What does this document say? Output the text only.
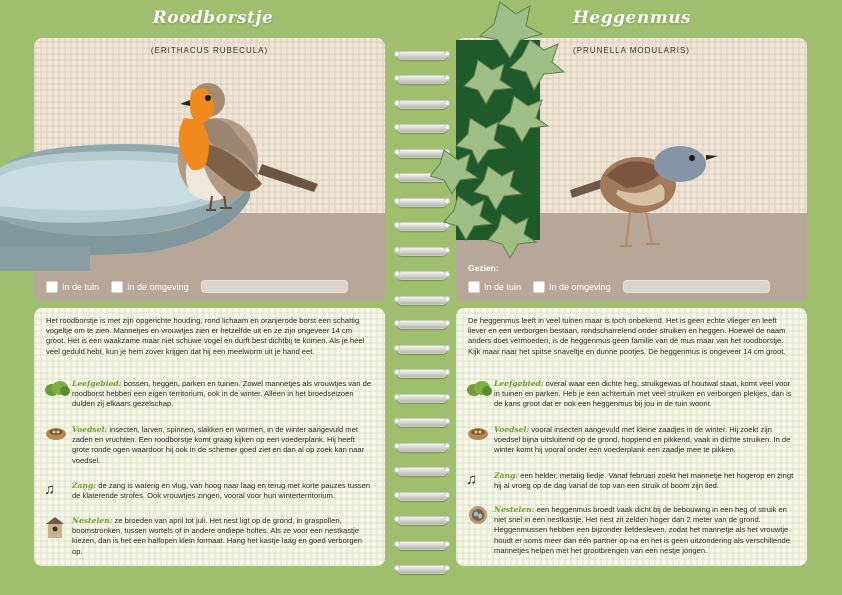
Roodborstje
(ERITHACUS RUBECULA)
In de tuin	In de omgeving
Het roodborstje is met zijn opgerichte houding, rond lichaam en oranjerode borst een schattig vogeltje om te zien. Mannetjes en vrouwtjes zien er hetzelfde uit en ze zijn ongeveer 14 cm groot. Het is een waakzame maar niet schuwe vogel en durft best dichtbij te komen. Als je heel veel geduld hebt, kun je hem zover krijgen dat hij een meelworm uit je hand eet.
Leefgebied: bossen, heggen, parken en tuinen. Zowel mannetjes als vrouwtjes van de roodborst hebben een eigen territorium, ook in de winter. Alleen in het broedseizoen dulden zij elkaars gezelschap.
Voedsel: insecten, larven, spinnen, slakken en wormen, in de winter aangevuld met zaden en vruchten. Een roodborstje komt graag kijken op een voederplank. Hij heeft grote ronde ogen waardoor hij ook in de schemer goed ziet en dan al op zoek kan naar voedsel.
♫	Zang: de zang is waterig en vlug, van hoog naar laag en terug met korte pauzes tussen de klaterende strofes. Ook vrouwtjes zingen, vooral voor hun winterterritorium.
Nestelen: ze broeden van april tot juli. Het nest ligt op de grond, in graspollen, boomstronken, tussen wortels of in andere ondiepe holtes. Als ze voor een nestkastje kiezen, dan is het een halfopen klein formaat. Hang het kastje laag en goed verborgen op.
Heggenmus
(PRUNELLA MODULARIS)
Gezien:
In de tuin	In de omgeving
De heggenmus leeft in veel tuinen maar is toch onbekend. Het is geen echte vlieger en leeft liever en een verborgen bestaan, rondscharrelend onder struiken en heggen. Hoewel de naam anders doet vermoeden, is de heggenmus geen familie van de mus maar van het roodborstje. Kijk maar naar het spitse snaveltje en dunne pootjes. De heggenmus is ongeveer 14 cm groot.
Leefgebied: overal waar een dichte heg, struikgewas of houtwal staat, komt veel voor in tuinen en parken. Heb je een achtertuin met veel struiken en verborgen plekjes, dan is de kans groot dat er ook een heggenmus bij jou in de tuin woont.
Voedsel: vooral insecten aangevuld met kleine zaadjes in de winter. Hij zoekt zijn voedsel bijna uitsluitend op de grond, hoppend en pikkend, vaak in dichte struiken. In de winter komt hij vooral onder een voederplank een zaadje mee te pikken.
♫	Zang: een helder, metalig liedje. Vanaf februari zoekt het mannetje het hogerop en zingt hij al vroeg op de dag vanaf de top van een struik of boom zijn lied.
Nestelen: een heggenmus broedt vaak dicht bij de bebouwing in een heg of struik en niet snel in een nestkastje. Het nest zit zelden hoger dan 2 meter van de grond. Heggenmussen hebben een bijzonder liefdesleven, zodat het mannetje als het vrouwtje houdt er soms meer dan één partner op na en het is geen uitzondering als verschillende mannetjes helpen met het grootbrengen van een nestje jongen.
